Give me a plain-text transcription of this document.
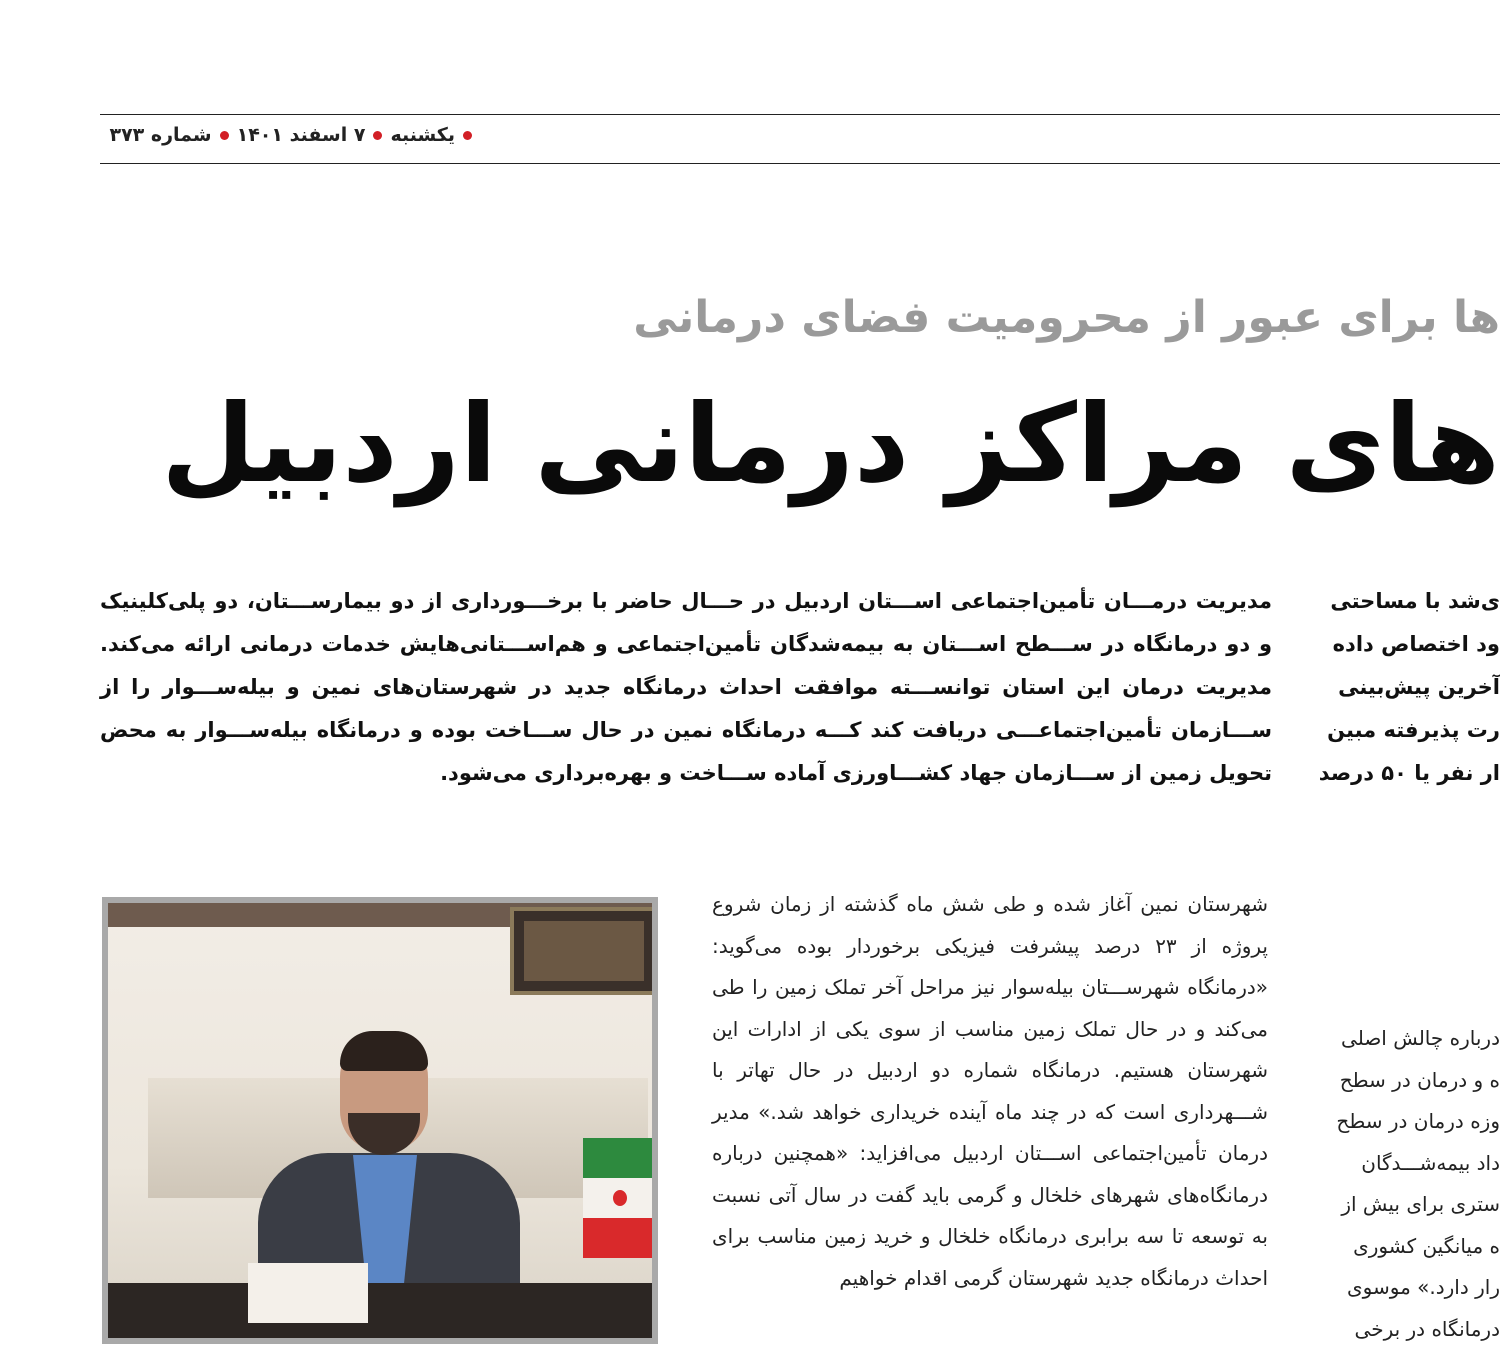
یکشنبه
۷ اسفند ۱۴۰۱
شماره ۳۷۳
ها برای عبور از محرومیت فضای درمانی
های مراکز درمانی اردبیل
مدیریت درمـــان تأمین‌اجتماعی اســـتان اردبیل در حـــال حاضر با برخـــورداری از دو بیمارســـتان، دو پلی‌کلینیک و دو درمانگاه در ســـطح اســـتان به بیمه‌شدگان تأمین‌اجتماعی و هم‌اســـتانی‌هایش خدمات درمانی ارائه می‌کند. مدیریت درمان این استان توانســـته موافقت احداث درمانگاه جدید در شهرستان‌های نمین و بیله‌ســـوار را از ســـازمان تأمین‌اجتماعـــی دریافت کند کـــه درمانگاه نمین در حال ســـاخت بوده و درمانگاه بیله‌ســـوار به محض تحویل زمین از ســـازمان جهاد کشـــاورزی آماده ســـاخت و بهره‌برداری می‌شود.
ی‌شد با مساحتی
ود اختصاص داده
آخرین پیش‌بینی
رت پذیرفته مبین
ار نفر یا ۵۰ درصد
شهرستان نمین آغاز شده و طی شش ماه گذشته از زمان شروع پروژه از ۲۳ درصد پیشرفت فیزیکی برخوردار بوده می‌گوید: «درمانگاه شهرســـتان بیله‌سوار نیز مراحل آخر تملک زمین را طی می‌کند و در حال تملک زمین مناسب از سوی یکی از ادارات این شهرستان هستیم. درمانگاه شماره دو اردبیل در حال تهاتر با شـــهرداری است که در چند ماه آینده خریداری خواهد شد.» مدیر درمان تأمین‌اجتماعی اســـتان اردبیل می‌افزاید: «همچنین درباره درمانگاه‌های شهرهای خلخال و گرمی باید گفت در سال آتی نسبت به توسعه تا سه برابری درمانگاه خلخال و خرید زمین مناسب برای احداث درمانگاه جدید شهرستان گرمی اقدام خواهیم
درباره چالش اصلی
ه و درمان در سطح
وزه درمان در سطح
داد بیمه‌شـــدگان
ستری برای بیش از
ه میانگین کشوری
رار دارد.» موسوی
درمانگاه در برخی
